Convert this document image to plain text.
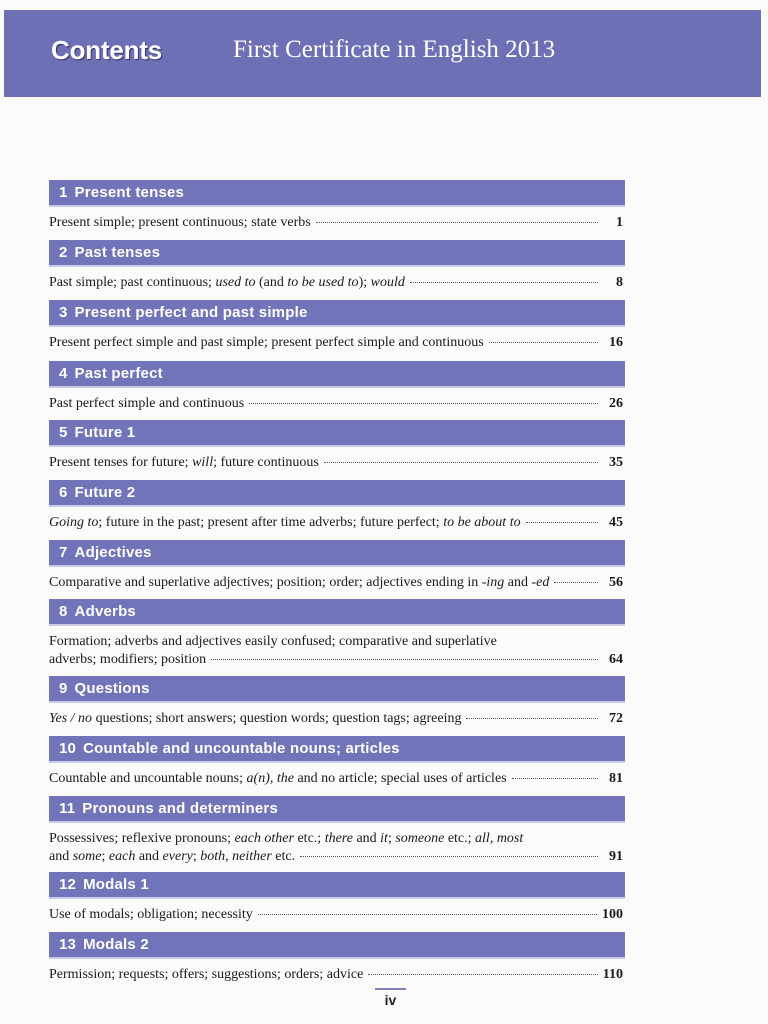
Contents	First Certificate in English 2013
1 Present tenses
Present simple; present continuous; state verbs	1
2 Past tenses
Past simple; past continuous; used to (and to be used to); would	8
3 Present perfect and past simple
Present perfect simple and past simple; present perfect simple and continuous	16
4 Past perfect
Past perfect simple and continuous	26
5 Future 1
Present tenses for future; will; future continuous	35
6 Future 2
Going to; future in the past; present after time adverbs; future perfect; to be about to	45
7 Adjectives
Comparative and superlative adjectives; position; order; adjectives ending in -ing and -ed	56
8 Adverbs
Formation; adverbs and adjectives easily confused; comparative and superlative
adverbs; modifiers; position	64
9 Questions
Yes / no questions; short answers; question words; question tags; agreeing	72
10 Countable and uncountable nouns; articles
Countable and uncountable nouns; a(n), the and no article; special uses of articles	81
11 Pronouns and determiners
Possessives; reflexive pronouns; each other etc.; there and it; someone etc.; all, most
and some; each and every; both, neither etc.	91
12 Modals 1
Use of modals; obligation; necessity	100
13 Modals 2
Permission; requests; offers; suggestions; orders; advice	110
iv
